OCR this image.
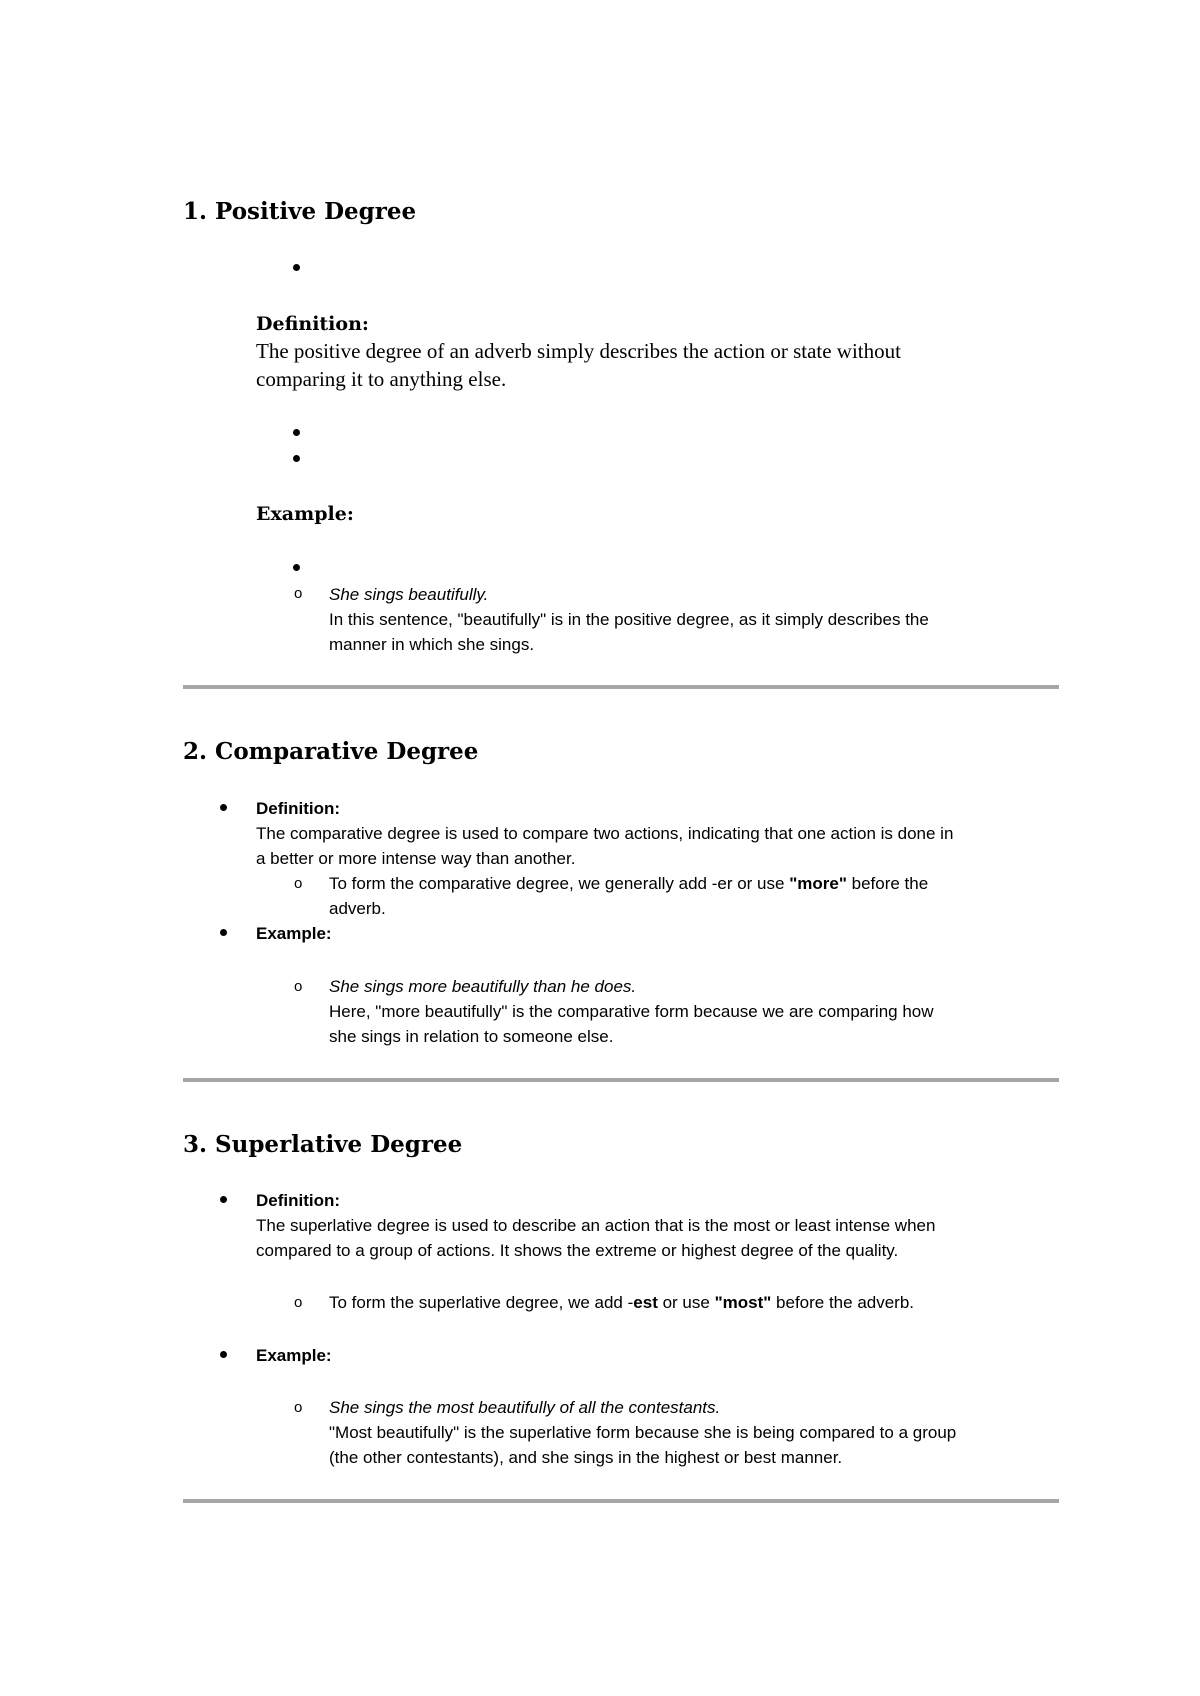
1. Positive Degree
Definition:
The positive degree of an adverb simply describes the action or state without
comparing it to anything else.
Example:
o She sings beautifully.
In this sentence, "beautifully" is in the positive degree, as it simply describes the
manner in which she sings.
2. Comparative Degree
Definition:
The comparative degree is used to compare two actions, indicating that one action is done in
a better or more intense way than another.
o To form the comparative degree, we generally add -er or use "more" before the
adverb.
Example:
o She sings more beautifully than he does.
Here, "more beautifully" is the comparative form because we are comparing how
she sings in relation to someone else.
3. Superlative Degree
Definition:
The superlative degree is used to describe an action that is the most or least intense when
compared to a group of actions. It shows the extreme or highest degree of the quality.
o To form the superlative degree, we add -est or use "most" before the adverb.
Example:
o She sings the most beautifully of all the contestants.
"Most beautifully" is the superlative form because she is being compared to a group
(the other contestants), and she sings in the highest or best manner.
